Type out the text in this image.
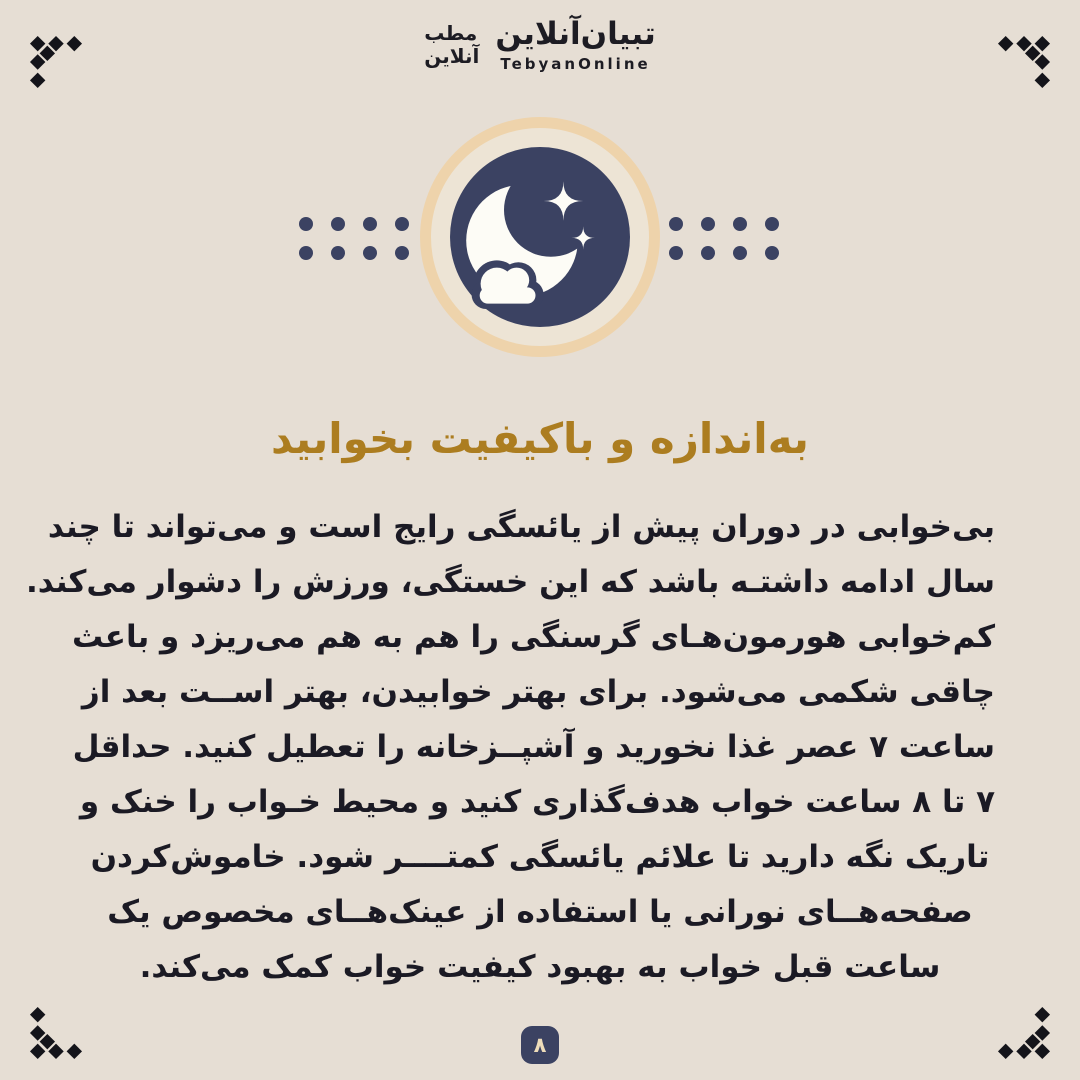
مطب
آنلاین
تبیان‌آنلاین
TebyanOnline
به‌اندازه و باکیفیت بخوابید
بی‌خوابی در دوران پیش از یائسگی رایج است و می‌تواند تا چند
سال ادامه داشتـه باشد که این خستگی، ورزش را دشوار می‌کند.
کم‌خوابی هورمون‌هـای گرسنگی را هم به هم می‌ریزد و باعث
چاقی شکمی می‌شود. برای بهتر خوابیدن، بهتر اســت بعد از
ساعت ۷ عصر غذا نخورید و آشپــزخانه را تعطیل کنید. حداقل
۷ تا ۸ ساعت خواب هدف‌گذاری کنید و محیط خـواب را خنک و
تاریک نگه دارید تا علائم یائسگی کمتــــر شود. خاموش‌کردن
صفحه‌هــای نورانی یا استفاده از عینک‌هــای مخصوص یک
ساعت قبل خواب به بهبود کیفیت خواب کمک می‌کند.
۸
